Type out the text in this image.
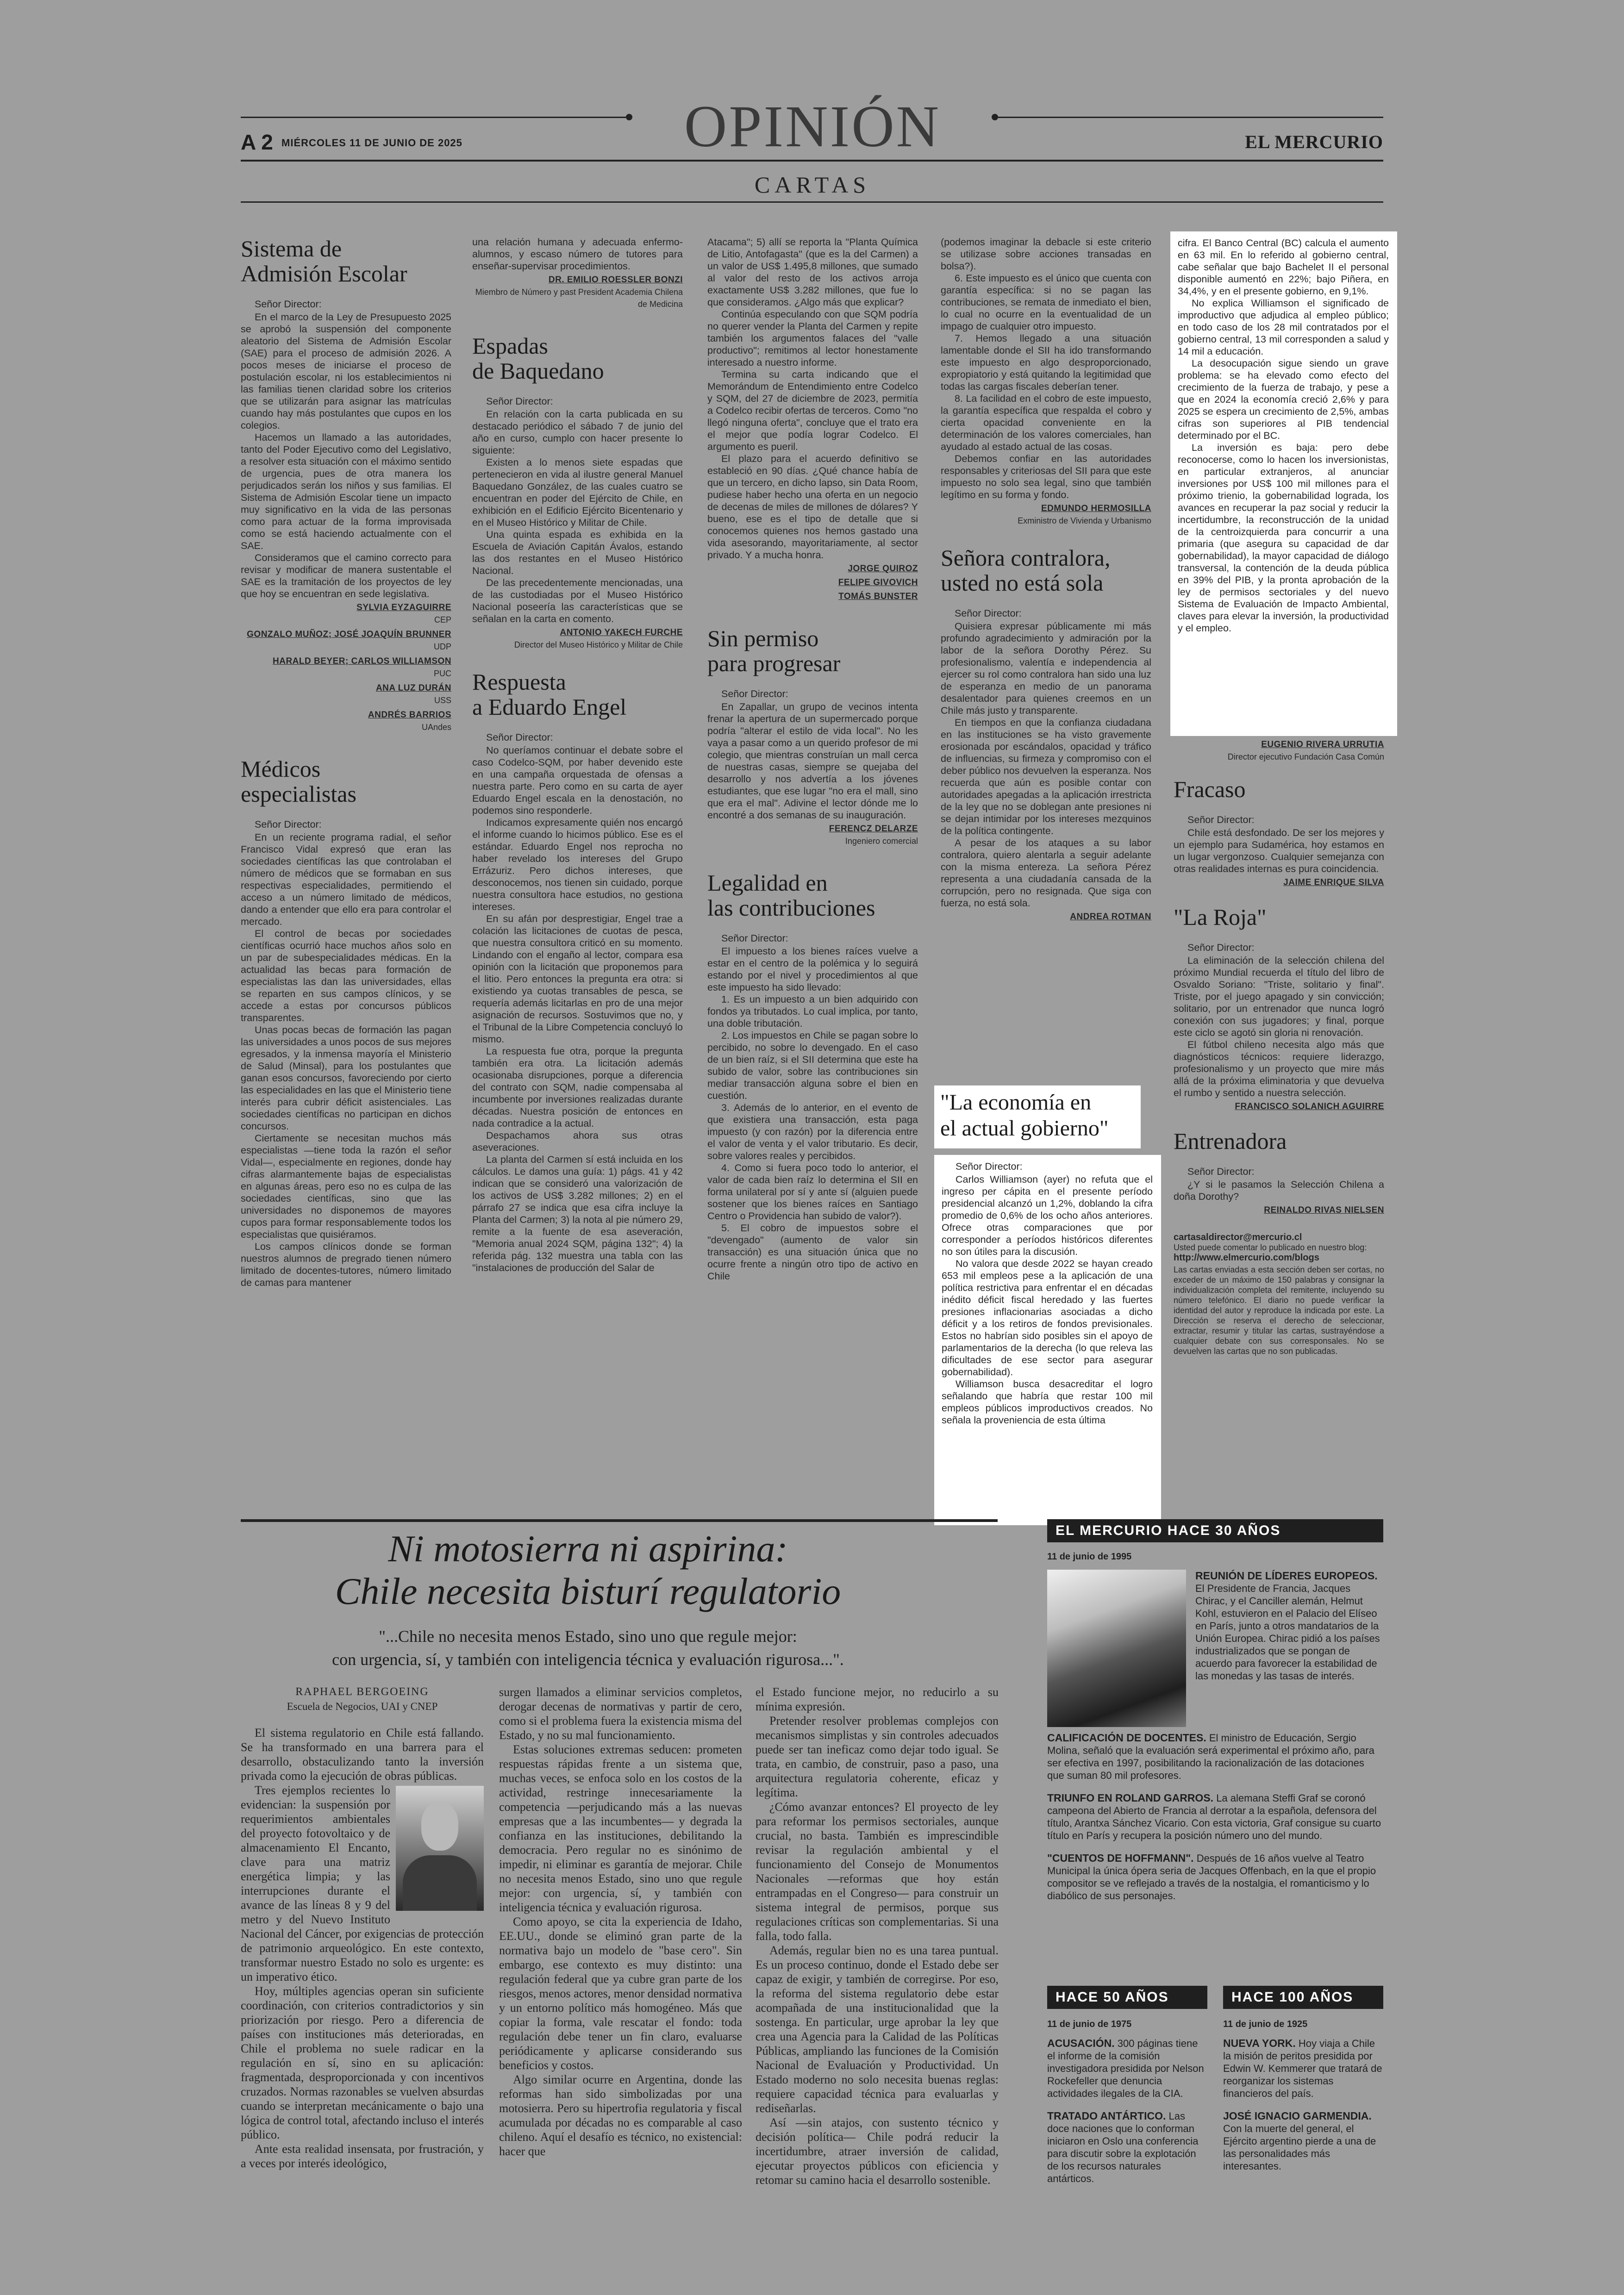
OPINIÓN
A 2 MIÉRCOLES 11 DE JUNIO DE 2025	EL MERCURIO
CARTAS
Sistema de
Admisión Escolar

Señor Director:

En el marco de la Ley de Presupuesto 2025 se aprobó la suspensión del componente aleatorio del Sistema de Admisión Escolar (SAE) para el proceso de admisión 2026. A pocos meses de iniciarse el proceso de postulación escolar, ni los establecimientos ni las familias tienen claridad sobre los criterios que se utilizarán para asignar las matrículas cuando hay más postulantes que cupos en los colegios.

Hacemos un llamado a las autoridades, tanto del Poder Ejecutivo como del Legislativo, a resolver esta situación con el máximo sentido de urgencia, pues de otra manera los perjudicados serán los niños y sus familias. El Sistema de Admisión Escolar tiene un impacto muy significativo en la vida de las personas como para actuar de la forma improvisada como se está haciendo actualmente con el SAE.

Consideramos que el camino correcto para revisar y modificar de manera sustentable el SAE es la tramitación de los proyectos de ley que hoy se encuentran en sede legislativa.

SYLVIA EYZAGUIRRE
CEP
GONZALO MUÑOZ; JOSÉ JOAQUÍN BRUNNER
UDP
HARALD BEYER; CARLOS WILLIAMSON
PUC
ANA LUZ DURÁN
USS
ANDRÉS BARRIOS
UAndes
Médicos
especialistas

Señor Director:

En un reciente programa radial, el señor Francisco Vidal expresó que eran las sociedades científicas las que controlaban el número de médicos que se formaban en sus respectivas especialidades, permitiendo el acceso a un número limitado de médicos, dando a entender que ello era para controlar el mercado.

El control de becas por sociedades científicas ocurrió hace muchos años solo en un par de subespecialidades médicas. En la actualidad las becas para formación de especialistas las dan las universidades, ellas se reparten en sus campos clínicos, y se accede a estas por concursos públicos transparentes.

Unas pocas becas de formación las pagan las universidades a unos pocos de sus mejores egresados, y la inmensa mayoría el Ministerio de Salud (Minsal), para los postulantes que ganan esos concursos, favoreciendo por cierto las especialidades en las que el Ministerio tiene interés para cubrir déficit asistenciales. Las sociedades científicas no participan en dichos concursos.

Ciertamente se necesitan muchos más especialistas —tiene toda la razón el señor Vidal—, especialmente en regiones, donde hay cifras alarmantemente bajas de especialistas en algunas áreas, pero eso no es culpa de las sociedades científicas, sino que las universidades no disponemos de mayores cupos para formar responsablemente todos los especialistas que quisiéramos.

Los campos clínicos donde se forman nuestros alumnos de pregrado tienen número limitado de docentes-tutores, número limitado de camas para mantener

una relación humana y adecuada enfermo-alumnos, y escaso número de tutores para enseñar-supervisar procedimientos.

DR. EMILIO ROESSLER BONZI
Miembro de Número y past President Academia Chilena de Medicina
Espadas
de Baquedano

Señor Director:

En relación con la carta publicada en su destacado periódico el sábado 7 de junio del año en curso, cumplo con hacer presente lo siguiente:

Existen a lo menos siete espadas que pertenecieron en vida al ilustre general Manuel Baquedano González, de las cuales cuatro se encuentran en poder del Ejército de Chile, en exhibición en el Edificio Ejército Bicentenario y en el Museo Histórico y Militar de Chile.

Una quinta espada es exhibida en la Escuela de Aviación Capitán Ávalos, estando las dos restantes en el Museo Histórico Nacional.

De las precedentemente mencionadas, una de las custodiadas por el Museo Histórico Nacional poseería las características que se señalan en la carta en comento.

ANTONIO YAKECH FURCHE
Director del Museo Histórico y Militar de Chile
Respuesta
a Eduardo Engel

Señor Director:

No queríamos continuar el debate sobre el caso Codelco-SQM, por haber devenido este en una campaña orquestada de ofensas a nuestra parte. Pero como en su carta de ayer Eduardo Engel escala en la denostación, no podemos sino responderle.

Indicamos expresamente quién nos encargó el informe cuando lo hicimos público. Ese es el estándar. Eduardo Engel nos reprocha no haber revelado los intereses del Grupo Errázuriz. Pero dichos intereses, que desconocemos, nos tienen sin cuidado, porque nuestra consultora hace estudios, no gestiona intereses.

En su afán por desprestigiar, Engel trae a colación las licitaciones de cuotas de pesca, que nuestra consultora criticó en su momento. Lindando con el engaño al lector, compara esa opinión con la licitación que proponemos para el litio. Pero entonces la pregunta era otra: si existiendo ya cuotas transables de pesca, se requería además licitarlas en pro de una mejor asignación de recursos. Sostuvimos que no, y el Tribunal de la Libre Competencia concluyó lo mismo.

La respuesta fue otra, porque la pregunta también era otra. La licitación además ocasionaba disrupciones, porque a diferencia del contrato con SQM, nadie compensaba al incumbente por inversiones realizadas durante décadas. Nuestra posición de entonces en nada contradice a la actual.

Despachamos ahora sus otras aseveraciones.

La planta del Carmen sí está incluida en los cálculos. Le damos una guía: 1) págs. 41 y 42 indican que se consideró una valorización de los activos de US$ 3.282 millones; 2) en el párrafo 27 se indica que esa cifra incluye la Planta del Carmen; 3) la nota al pie número 29, remite a la fuente de esa aseveración, "Memoria anual 2024 SQM, página 132"; 4) la referida pág. 132 muestra una tabla con las "instalaciones de producción del Salar de

Atacama"; 5) allí se reporta la "Planta Química de Litio, Antofagasta" (que es la del Carmen) a un valor de US$ 1.495,8 millones, que sumado al valor del resto de los activos arroja exactamente US$ 3.282 millones, que fue lo que consideramos. ¿Algo más que explicar?

Continúa especulando con que SQM podría no querer vender la Planta del Carmen y repite también los argumentos falaces del "valle productivo"; remitimos al lector honestamente interesado a nuestro informe.

Termina su carta indicando que el Memorándum de Entendimiento entre Codelco y SQM, del 27 de diciembre de 2023, permitía a Codelco recibir ofertas de terceros. Como "no llegó ninguna oferta", concluye que el trato era el mejor que podía lograr Codelco. El argumento es pueril.

El plazo para el acuerdo definitivo se estableció en 90 días. ¿Qué chance había de que un tercero, en dicho lapso, sin Data Room, pudiese haber hecho una oferta en un negocio de decenas de miles de millones de dólares? Y bueno, ese es el tipo de detalle que si conocemos quienes nos hemos gastado una vida asesorando, mayoritariamente, al sector privado. Y a mucha honra.

JORGE QUIROZ
FELIPE GIVOVICH
TOMÁS BUNSTER
Sin permiso
para progresar

Señor Director:

En Zapallar, un grupo de vecinos intenta frenar la apertura de un supermercado porque podría "alterar el estilo de vida local". No les vaya a pasar como a un querido profesor de mi colegio, que mientras construían un mall cerca de nuestras casas, siempre se quejaba del desarrollo y nos advertía a los jóvenes estudiantes, que ese lugar "no era el mall, sino que era el mal". Adivine el lector dónde me lo encontré a dos semanas de su inauguración.

FERENCZ DELARZE
Ingeniero comercial
Legalidad en
las contribuciones

Señor Director:

El impuesto a los bienes raíces vuelve a estar en el centro de la polémica y lo seguirá estando por el nivel y procedimientos al que este impuesto ha sido llevado:

1. Es un impuesto a un bien adquirido con fondos ya tributados. Lo cual implica, por tanto, una doble tributación.

2. Los impuestos en Chile se pagan sobre lo percibido, no sobre lo devengado. En el caso de un bien raíz, si el SII determina que este ha subido de valor, sobre las contribuciones sin mediar transacción alguna sobre el bien en cuestión.

3. Además de lo anterior, en el evento de que existiera una transacción, esta paga impuesto (y con razón) por la diferencia entre el valor de venta y el valor tributario. Es decir, sobre valores reales y percibidos.

4. Como si fuera poco todo lo anterior, el valor de cada bien raíz lo determina el SII en forma unilateral por sí y ante sí (alguien puede sostener que los bienes raíces en Santiago Centro o Providencia han subido de valor?).

5. El cobro de impuestos sobre el "devengado" (aumento de valor sin transacción) es una situación única que no ocurre frente a ningún otro tipo de activo en Chile

(podemos imaginar la debacle si este criterio se utilizase sobre acciones transadas en bolsa?).

6. Este impuesto es el único que cuenta con garantía específica: si no se pagan las contribuciones, se remata de inmediato el bien, lo cual no ocurre en la eventualidad de un impago de cualquier otro impuesto.

7. Hemos llegado a una situación lamentable donde el SII ha ido transformando este impuesto en algo desproporcionado, expropiatorio y está quitando la legitimidad que todas las cargas fiscales deberían tener.

8. La facilidad en el cobro de este impuesto, la garantía específica que respalda el cobro y cierta opacidad conveniente en la determinación de los valores comerciales, han ayudado al estado actual de las cosas.

Debemos confiar en las autoridades responsables y criteriosas del SII para que este impuesto no solo sea legal, sino que también legítimo en su forma y fondo.

EDMUNDO HERMOSILLA
Exministro de Vivienda y Urbanismo
Señora contralora,
usted no está sola

Señor Director:

Quisiera expresar públicamente mi más profundo agradecimiento y admiración por la labor de la señora Dorothy Pérez. Su profesionalismo, valentía e independencia al ejercer su rol como contralora han sido una luz de esperanza en medio de un panorama desalentador para quienes creemos en un Chile más justo y transparente.

En tiempos en que la confianza ciudadana en las instituciones se ha visto gravemente erosionada por escándalos, opacidad y tráfico de influencias, su firmeza y compromiso con el deber público nos devuelven la esperanza. Nos recuerda que aún es posible contar con autoridades apegadas a la aplicación irrestricta de la ley que no se doblegan ante presiones ni se dejan intimidar por los intereses mezquinos de la política contingente.

A pesar de los ataques a su labor contralora, quiero alentarla a seguir adelante con la misma entereza. La señora Pérez representa a una ciudadanía cansada de la corrupción, pero no resignada. Que siga con fuerza, no está sola.

ANDREA ROTMAN
"La economía en
el actual gobierno"

Señor Director:

Carlos Williamson (ayer) no refuta que el ingreso per cápita en el presente período presidencial alcanzó un 1,2%, doblando la cifra promedio de 0,6% de los ocho años anteriores. Ofrece otras comparaciones que por corresponder a períodos históricos diferentes no son útiles para la discusión.

No valora que desde 2022 se hayan creado 653 mil empleos pese a la aplicación de una política restrictiva para enfrentar el en décadas inédito déficit fiscal heredado y las fuertes presiones inflacionarias asociadas a dicho déficit y a los retiros de fondos previsionales. Estos no habrían sido posibles sin el apoyo de parlamentarios de la derecha (lo que releva las dificultades de ese sector para asegurar gobernabilidad).

Williamson busca desacreditar el logro señalando que habría que restar 100 mil empleos públicos improductivos creados. No señala la proveniencia de esta última

cifra. El Banco Central (BC) calcula el aumento en 63 mil. En lo referido al gobierno central, cabe señalar que bajo Bachelet II el personal disponible aumentó en 22%; bajo Piñera, en 34,4%, y en el presente gobierno, en 9,1%.

No explica Williamson el significado de improductivo que adjudica al empleo público; en todo caso de los 28 mil contratados por el gobierno central, 13 mil corresponden a salud y 14 mil a educación.

La desocupación sigue siendo un grave problema: se ha elevado como efecto del crecimiento de la fuerza de trabajo, y pese a que en 2024 la economía creció 2,6% y para 2025 se espera un crecimiento de 2,5%, ambas cifras son superiores al PIB tendencial determinado por el BC.

La inversión es baja: pero debe reconocerse, como lo hacen los inversionistas, en particular extranjeros, al anunciar inversiones por US$ 100 mil millones para el próximo trienio, la gobernabilidad lograda, los avances en recuperar la paz social y reducir la incertidumbre, la reconstrucción de la unidad de la centroizquierda para concurrir a una primaria (que asegura su capacidad de dar gobernabilidad), la mayor capacidad de diálogo transversal, la contención de la deuda pública en 39% del PIB, y la pronta aprobación de la ley de permisos sectoriales y del nuevo Sistema de Evaluación de Impacto Ambiental, claves para elevar la inversión, la productividad y el empleo.

EUGENIO RIVERA URRUTIA
Director ejecutivo Fundación Casa Común
Fracaso

Señor Director:

Chile está desfondado. De ser los mejores y un ejemplo para Sudamérica, hoy estamos en un lugar vergonzoso. Cualquier semejanza con otras realidades internas es pura coincidencia.

JAIME ENRIQUE SILVA
"La Roja"

Señor Director:

La eliminación de la selección chilena del próximo Mundial recuerda el título del libro de Osvaldo Soriano: "Triste, solitario y final". Triste, por el juego apagado y sin convicción; solitario, por un entrenador que nunca logró conexión con sus jugadores; y final, porque este ciclo se agotó sin gloria ni renovación.

El fútbol chileno necesita algo más que diagnósticos técnicos: requiere liderazgo, profesionalismo y un proyecto que mire más allá de la próxima eliminatoria y que devuelva el rumbo y sentido a nuestra selección.

FRANCISCO SOLANICH AGUIRRE
Entrenadora

Señor Director:

¿Y si le pasamos la Selección Chilena a doña Dorothy?

REINALDO RIVAS NIELSEN
cartasaldirector@mercurio.cl
Usted puede comentar lo publicado en nuestro blog:
http://www.elmercurio.com/blogs
Las cartas enviadas a esta sección deben ser cortas, no exceder de un máximo de 150 palabras y consignar la individualización completa del remitente, incluyendo su número telefónico. El diario no puede verificar la identidad del autor y reproduce la indicada por este. La Dirección se reserva el derecho de seleccionar, extractar, resumir y titular las cartas, sustrayéndose a cualquier debate con sus corresponsales. No se devuelven las cartas que no son publicadas.
Ni motosierra ni aspirina:
Chile necesita bisturí regulatorio
"...Chile no necesita menos Estado, sino uno que regule mejor:
con urgencia, sí, y también con inteligencia técnica y evaluación rigurosa...".
RAPHAEL BERGOEING
Escuela de Negocios, UAI y CNEP

El sistema regulatorio en Chile está fallando. Se ha transformado en una barrera para el desarrollo, obstaculizando tanto la inversión privada como la ejecución de obras públicas.

Tres ejemplos recientes lo evidencian: la suspensión por requerimientos ambientales del proyecto fotovoltaico y de almacenamiento El Encanto, clave para una matriz energética limpia; y las interrupciones durante el avance de las líneas 8 y 9 del metro y del Nuevo Instituto Nacional del Cáncer, por exigencias de protección de patrimonio arqueológico. En este contexto, transformar nuestro Estado no solo es urgente: es un imperativo ético.

Hoy, múltiples agencias operan sin suficiente coordinación, con criterios contradictorios y sin priorización por riesgo. Pero a diferencia de países con instituciones más deterioradas, en Chile el problema no suele radicar en la regulación en sí, sino en su aplicación: fragmentada, desproporcionada y con incentivos cruzados. Normas razonables se vuelven absurdas cuando se interpretan mecánicamente o bajo una lógica de control total, afectando incluso el interés público.

Ante esta realidad insensata, por frustración, y a veces por interés ideológico,

surgen llamados a eliminar servicios completos, derogar decenas de normativas y partir de cero, como si el problema fuera la existencia misma del Estado, y no su mal funcionamiento.

Estas soluciones extremas seducen: prometen respuestas rápidas frente a un sistema que, muchas veces, se enfoca solo en los costos de la actividad, restringe innecesariamente la competencia —perjudicando más a las nuevas empresas que a las incumbentes— y degrada la confianza en las instituciones, debilitando la democracia. Pero regular no es sinónimo de impedir, ni eliminar es garantía de mejorar. Chile no necesita menos Estado, sino uno que regule mejor: con urgencia, sí, y también con inteligencia técnica y evaluación rigurosa.

Como apoyo, se cita la experiencia de Idaho, EE.UU., donde se eliminó gran parte de la normativa bajo un modelo de "base cero". Sin embargo, ese contexto es muy distinto: una regulación federal que ya cubre gran parte de los riesgos, menos actores, menor densidad normativa y un entorno político más homogéneo. Más que copiar la forma, vale rescatar el fondo: toda regulación debe tener un fin claro, evaluarse periódicamente y aplicarse considerando sus beneficios y costos.

Algo similar ocurre en Argentina, donde las reformas han sido simbolizadas por una motosierra. Pero su hipertrofia regulatoria y fiscal acumulada por décadas no es comparable al caso chileno. Aquí el desafío es técnico, no existencial: hacer que

el Estado funcione mejor, no reducirlo a su mínima expresión.

Pretender resolver problemas complejos con mecanismos simplistas y sin controles adecuados puede ser tan ineficaz como dejar todo igual. Se trata, en cambio, de construir, paso a paso, una arquitectura regulatoria coherente, eficaz y legítima.

¿Cómo avanzar entonces? El proyecto de ley para reformar los permisos sectoriales, aunque crucial, no basta. También es imprescindible revisar la regulación ambiental y el funcionamiento del Consejo de Monumentos Nacionales —reformas que hoy están entrampadas en el Congreso— para construir un sistema integral de permisos, porque sus regulaciones críticas son complementarias. Si una falla, todo falla.

Además, regular bien no es una tarea puntual. Es un proceso continuo, donde el Estado debe ser capaz de exigir, y también de corregirse. Por eso, la reforma del sistema regulatorio debe estar acompañada de una institucionalidad que la sostenga. En particular, urge aprobar la ley que crea una Agencia para la Calidad de las Políticas Públicas, ampliando las funciones de la Comisión Nacional de Evaluación y Productividad. Un Estado moderno no solo necesita buenas reglas: requiere capacidad técnica para evaluarlas y rediseñarlas.

Así —sin atajos, con sustento técnico y decisión política— Chile podrá reducir la incertidumbre, atraer inversión de calidad, ejecutar proyectos públicos con eficiencia y retomar su camino hacia el desarrollo sostenible.

EL MERCURIO HACE 30 AÑOS
11 de junio de 1995

REUNIÓN DE LÍDERES EUROPEOS. El Presidente de Francia, Jacques Chirac, y el Canciller alemán, Helmut Kohl, estuvieron en el Palacio del Elíseo en París, junto a otros mandatarios de la Unión Europea. Chirac pidió a los países industrializados que se pongan de acuerdo para favorecer la estabilidad de las monedas y las tasas de interés.

CALIFICACIÓN DE DOCENTES. El ministro de Educación, Sergio Molina, señaló que la evaluación será experimental el próximo año, para ser efectiva en 1997, posibilitando la racionalización de las dotaciones que suman 80 mil profesores.

TRIUNFO EN ROLAND GARROS. La alemana Steffi Graf se coronó campeona del Abierto de Francia al derrotar a la española, defensora del título, Arantxa Sánchez Vicario. Con esta victoria, Graf consigue su cuarto título en París y recupera la posición número uno del mundo.

"CUENTOS DE HOFFMANN". Después de 16 años vuelve al Teatro Municipal la única ópera seria de Jacques Offenbach, en la que el propio compositor se ve reflejado a través de la nostalgia, el romanticismo y lo diabólico de sus personajes.

HACE 50 AÑOS
11 de junio de 1975

ACUSACIÓN. 300 páginas tiene el informe de la comisión investigadora presidida por Nelson Rockefeller que denuncia actividades ilegales de la CIA.

TRATADO ANTÁRTICO. Las doce naciones que lo conforman iniciaron en Oslo una conferencia para discutir sobre la explotación de los recursos naturales antárticos.

HACE 100 AÑOS
11 de junio de 1925

NUEVA YORK. Hoy viaja a Chile la misión de peritos presidida por Edwin W. Kemmerer que tratará de reorganizar los sistemas financieros del país.

JOSÉ IGNACIO GARMENDIA. Con la muerte del general, el Ejército argentino pierde a una de las personalidades más interesantes.
